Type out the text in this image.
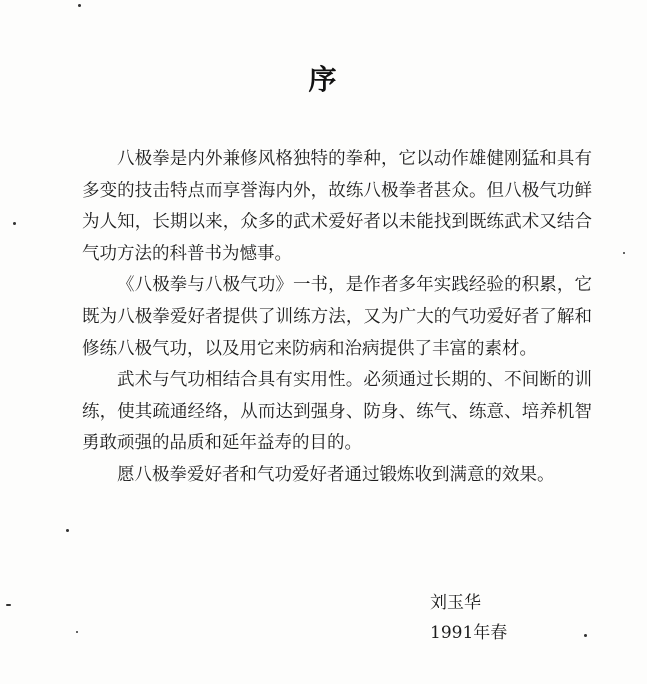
序

八极拳是内外兼修风格独特的拳种，它以动作雄健刚猛和具有多变的技击特点而享誉海内外，故练八极拳者甚众。但八极气功鲜为人知，长期以来，众多的武术爱好者以未能找到既练武术又结合气功方法的科普书为憾事。

《八极拳与八极气功》一书，是作者多年实践经验的积累，它既为八极拳爱好者提供了训练方法，又为广大的气功爱好者了解和修练八极气功，以及用它来防病和治病提供了丰富的素材。

武术与气功相结合具有实用性。必须通过长期的、不间断的训练，使其疏通经络，从而达到强身、防身、练气、练意、培养机智勇敢顽强的品质和延年益寿的目的。

愿八极拳爱好者和气功爱好者通过锻炼收到满意的效果。

刘玉华
1991年春
